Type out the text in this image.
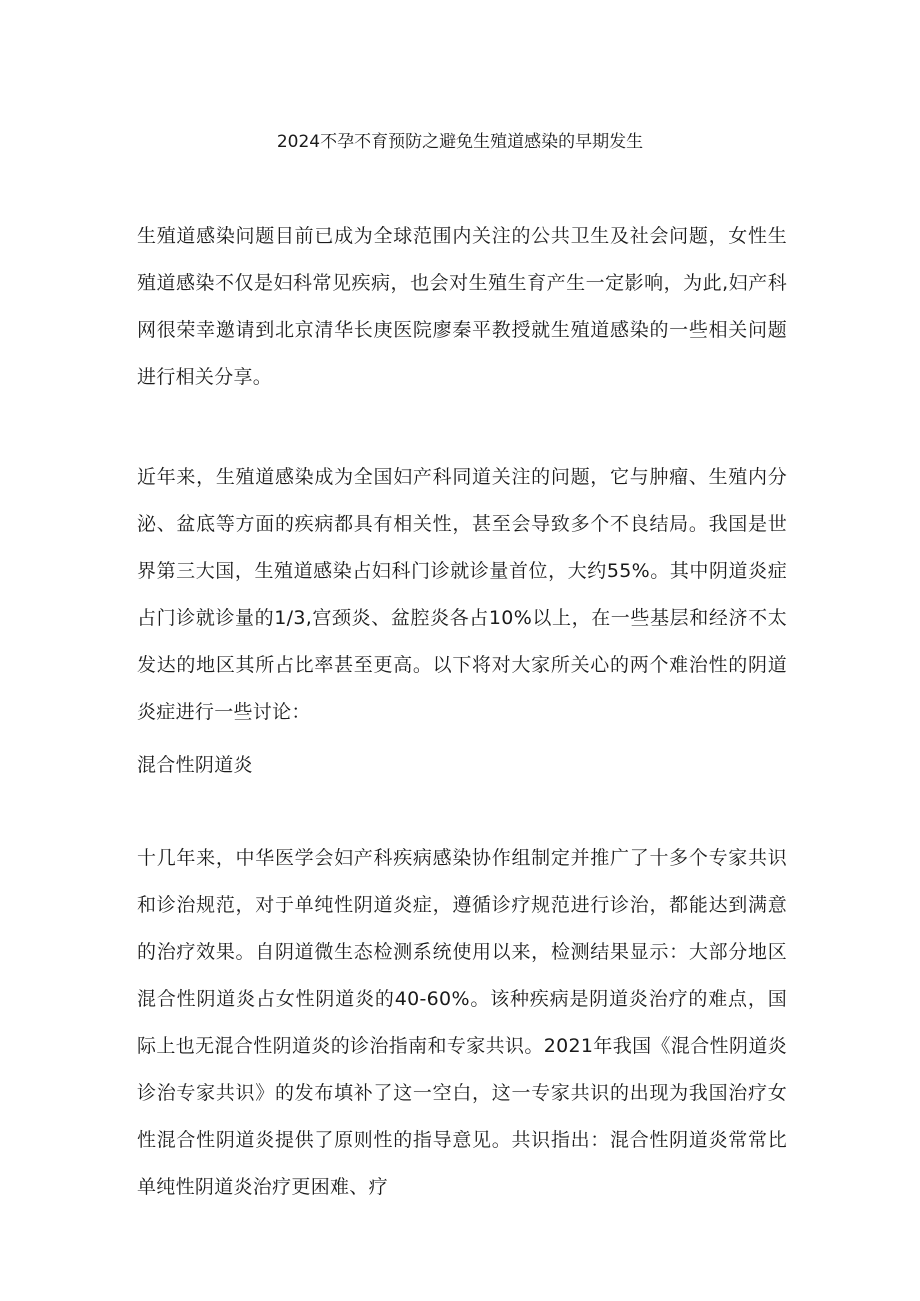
2024不孕不育预防之避免生殖道感染的早期发生

生殖道感染问题目前已成为全球范围内关注的公共卫生及社会问题，女性生殖道感染不仅是妇科常见疾病，也会对生殖生育产生一定影响，为此,妇产科网很荣幸邀请到北京清华长庚医院廖秦平教授就生殖道感染的一些相关问题进行相关分享。

近年来，生殖道感染成为全国妇产科同道关注的问题，它与肿瘤、生殖内分泌、盆底等方面的疾病都具有相关性，甚至会导致多个不良结局。我国是世界第三大国，生殖道感染占妇科门诊就诊量首位，大约55%。其中阴道炎症占门诊就诊量的1/3,宫颈炎、盆腔炎各占10%以上，在一些基层和经济不太发达的地区其所占比率甚至更高。以下将对大家所关心的两个难治性的阴道炎症进行一些讨论：

混合性阴道炎

十几年来，中华医学会妇产科疾病感染协作组制定并推广了十多个专家共识和诊治规范，对于单纯性阴道炎症，遵循诊疗规范进行诊治，都能达到满意的治疗效果。自阴道微生态检测系统使用以来，检测结果显示：大部分地区混合性阴道炎占女性阴道炎的40-60%。该种疾病是阴道炎治疗的难点，国际上也无混合性阴道炎的诊治指南和专家共识。2021年我国《混合性阴道炎诊治专家共识》的发布填补了这一空白，这一专家共识的出现为我国治疗女性混合性阴道炎提供了原则性的指导意见。共识指出：混合性阴道炎常常比单纯性阴道炎治疗更困难、疗
